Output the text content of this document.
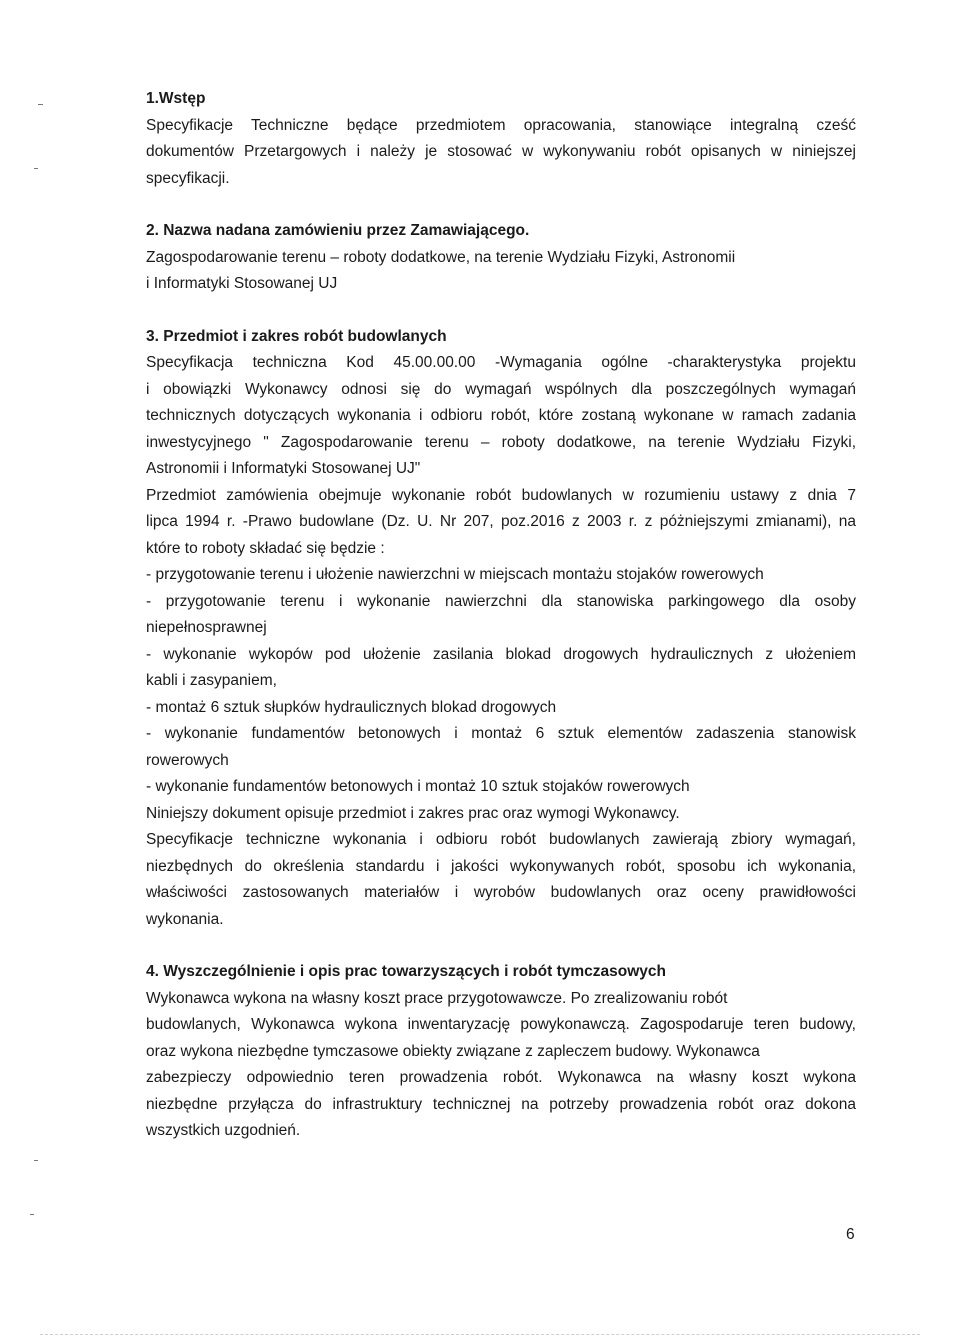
1.Wstęp
Specyfikacje Techniczne będące przedmiotem opracowania, stanowiące integralną cześć
dokumentów Przetargowych i należy je stosować w wykonywaniu robót opisanych w niniejszej
specyfikacji.
2. Nazwa nadana zamówieniu przez Zamawiającego.
Zagospodarowanie terenu – roboty dodatkowe, na terenie Wydziału Fizyki, Astronomii
i Informatyki Stosowanej UJ
3. Przedmiot i zakres robót budowlanych
Specyfikacja techniczna Kod 45.00.00.00 -Wymagania ogólne -charakterystyka projektu
i obowiązki Wykonawcy odnosi się do wymagań wspólnych dla poszczególnych wymagań
technicznych dotyczących wykonania i odbioru robót, które zostaną wykonane w ramach zadania
inwestycyjnego " Zagospodarowanie terenu – roboty dodatkowe, na terenie Wydziału Fizyki,
Astronomii i Informatyki Stosowanej UJ"
Przedmiot zamówienia obejmuje wykonanie robót budowlanych w rozumieniu ustawy z dnia 7
lipca 1994 r. -Prawo budowlane (Dz. U. Nr 207, poz.2016 z 2003 r. z póżniejszymi zmianami), na
które to roboty składać się będzie :
- przygotowanie terenu i ułożenie nawierzchni w miejscach montażu stojaków rowerowych
- przygotowanie terenu i wykonanie nawierzchni dla stanowiska parkingowego dla osoby
niepełnosprawnej
- wykonanie wykopów pod ułożenie zasilania blokad drogowych hydraulicznych z ułożeniem
kabli i zasypaniem,
- montaż 6 sztuk słupków hydraulicznych blokad drogowych
- wykonanie fundamentów betonowych i montaż 6 sztuk elementów zadaszenia stanowisk
rowerowych
- wykonanie fundamentów betonowych i montaż 10 sztuk stojaków rowerowych
Niniejszy dokument opisuje przedmiot i zakres prac oraz wymogi Wykonawcy.
Specyfikacje techniczne wykonania i odbioru robót budowlanych zawierają zbiory wymagań,
niezbędnych do określenia standardu i jakości wykonywanych robót, sposobu ich wykonania,
właściwości zastosowanych materiałów i wyrobów budowlanych oraz oceny prawidłowości
wykonania.
4. Wyszczególnienie i opis prac towarzyszących i robót tymczasowych
Wykonawca wykona na własny koszt prace przygotowawcze. Po zrealizowaniu robót
budowlanych, Wykonawca wykona inwentaryzację powykonawczą. Zagospodaruje teren budowy,
oraz wykona niezbędne tymczasowe obiekty związane z zapleczem budowy. Wykonawca
zabezpieczy odpowiednio teren prowadzenia robót. Wykonawca na własny koszt wykona
niezbędne przyłącza do infrastruktury technicznej na potrzeby prowadzenia robót oraz dokona
wszystkich uzgodnień.
6
